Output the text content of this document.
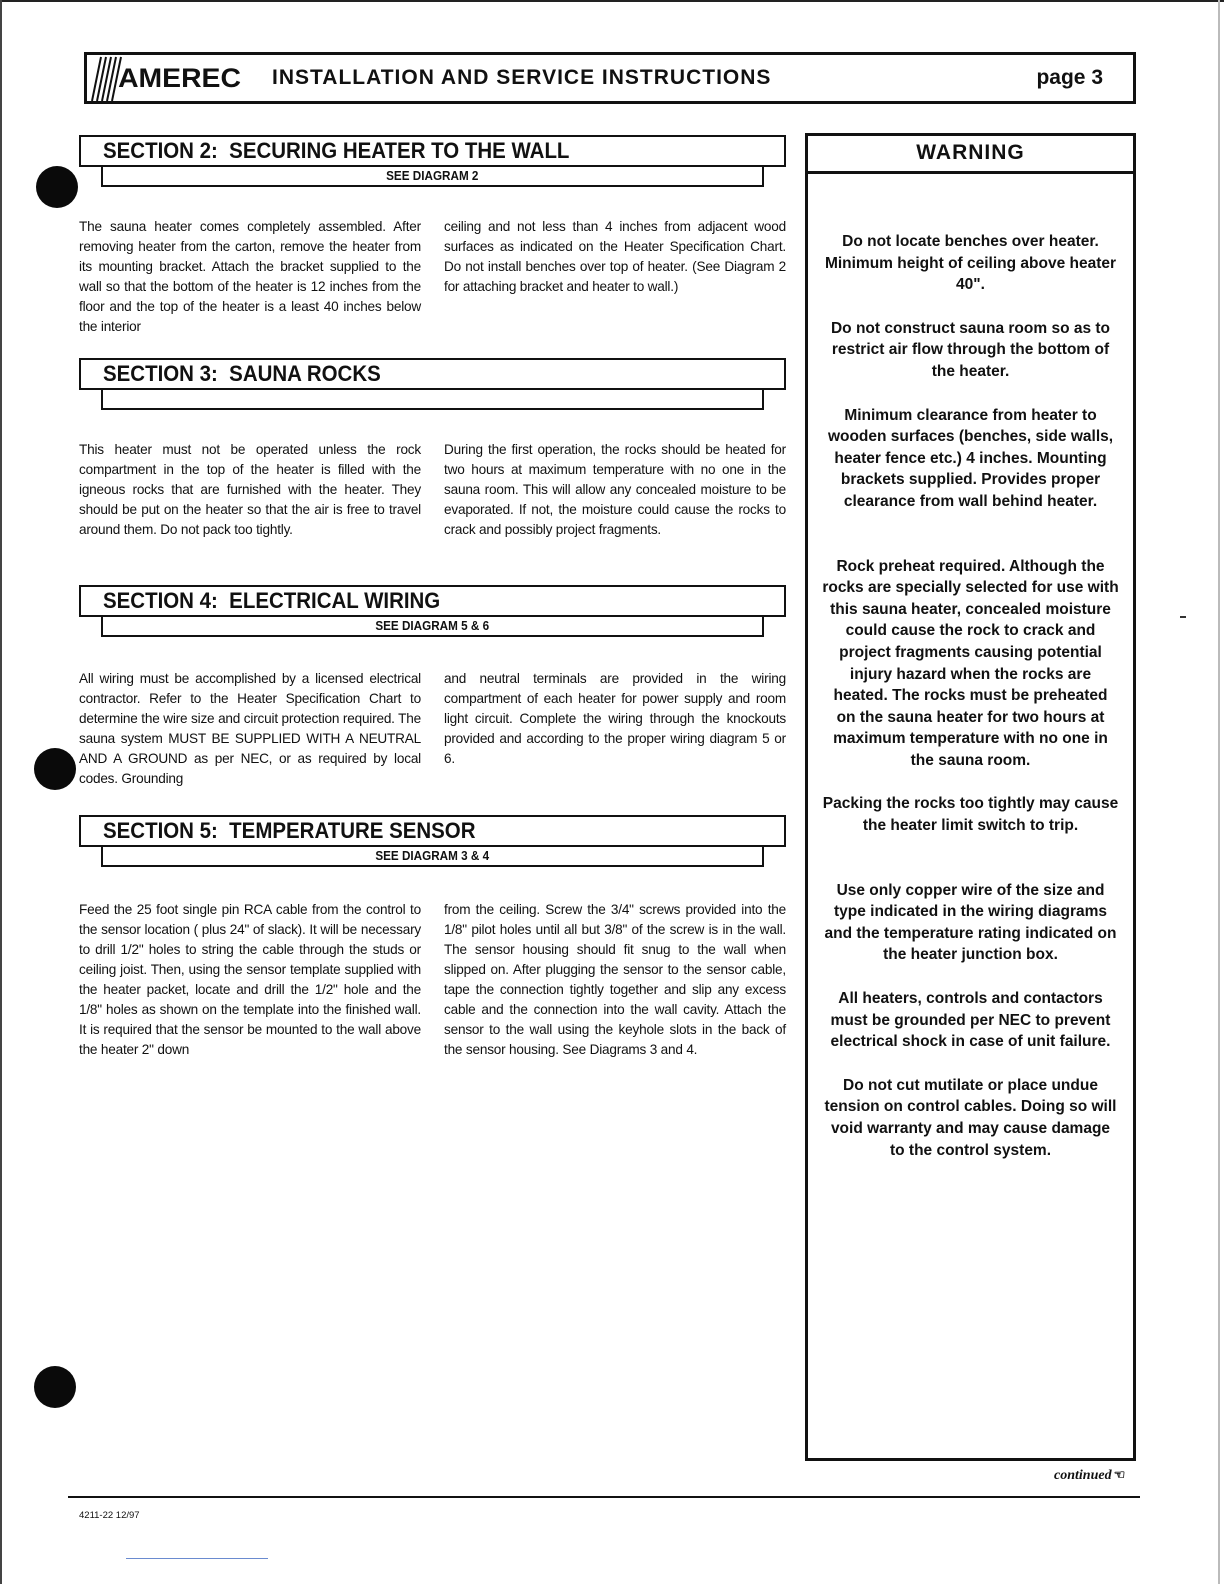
AMEREC INSTALLATION AND SERVICE INSTRUCTIONS	page 3
SECTION 2:  SECURING HEATER TO THE WALL
SEE DIAGRAM 2
The sauna heater comes completely assembled. After removing heater from the carton, remove the heater from its mounting bracket. Attach the bracket supplied to the wall so that the bottom of the heater is 12 inches from the floor and the top of the heater is a least 40 inches below the interior
ceiling and not less than 4 inches from adjacent wood surfaces as indicated on the Heater Specification Chart. Do not install benches over top of heater. (See Diagram 2 for attaching bracket and heater to wall.)
SECTION 3:  SAUNA ROCKS
This heater must not be operated unless the rock compartment in the top of the heater is filled with the igneous rocks that are furnished with the heater. They should be put on the heater so that the air is free to travel around them. Do not pack too tightly.
During the first operation, the rocks should be heated for two hours at maximum temperature with no one in the sauna room. This will allow any concealed moisture to be evaporated. If not, the moisture could cause the rocks to crack and possibly project fragments.
SECTION 4:  ELECTRICAL WIRING
SEE DIAGRAM 5 & 6
All wiring must be accomplished by a licensed electrical contractor. Refer to the Heater Specification Chart to determine the wire size and circuit protection required. The sauna system MUST BE SUPPLIED WITH A NEUTRAL AND A GROUND as per NEC, or as required by local codes. Grounding
and neutral terminals are provided in the wiring compartment of each heater for power supply and room light circuit. Complete the wiring through the knockouts provided and according to the proper wiring diagram 5 or 6.
SECTION 5:  TEMPERATURE SENSOR
SEE DIAGRAM 3 & 4
Feed the 25 foot single pin RCA cable from the control to the sensor location ( plus 24" of slack). It will be necessary to drill 1/2" holes to string the cable through the studs or ceiling joist. Then, using the sensor template supplied with the heater packet, locate and drill the 1/2" hole and the 1/8" holes as shown on the template into the finished wall. It is required that the sensor be mounted to the wall above the heater 2" down
from the ceiling. Screw the 3/4" screws provided into the 1/8" pilot holes until all but 3/8" of the screw is in the wall. The sensor housing should fit snug to the wall when slipped on. After plugging the sensor to the sensor cable, tape the connection tightly together and slip any excess cable and the connection into the wall cavity. Attach the sensor to the wall using the keyhole slots in the back of the sensor housing. See Diagrams 3 and 4.
WARNING

Do not locate benches over heater. Minimum height of ceiling above heater 40".

Do not construct sauna room so as to restrict air flow through the bottom of the heater.

Minimum clearance from heater to wooden surfaces (benches, side walls, heater fence etc.) 4 inches. Mounting brackets supplied. Provides proper clearance from wall behind heater.

Rock preheat required. Although the rocks are specially selected for use with this sauna heater, concealed moisture could cause the rock to crack and project fragments causing potential injury hazard when the rocks are heated. The rocks must be preheated on the sauna heater for two hours at maximum temperature with no one in the sauna room.

Packing the rocks too tightly may cause the heater limit switch to trip.

Use only copper wire of the size and type indicated in the wiring diagrams and the temperature rating indicated on the heater junction box.

All heaters, controls and contactors must be grounded per NEC to prevent electrical shock in case of unit failure.

Do not cut mutilate or place undue tension on control cables. Doing so will void warranty and may cause damage to the control system.

continued ☜
4211-22 12/97
